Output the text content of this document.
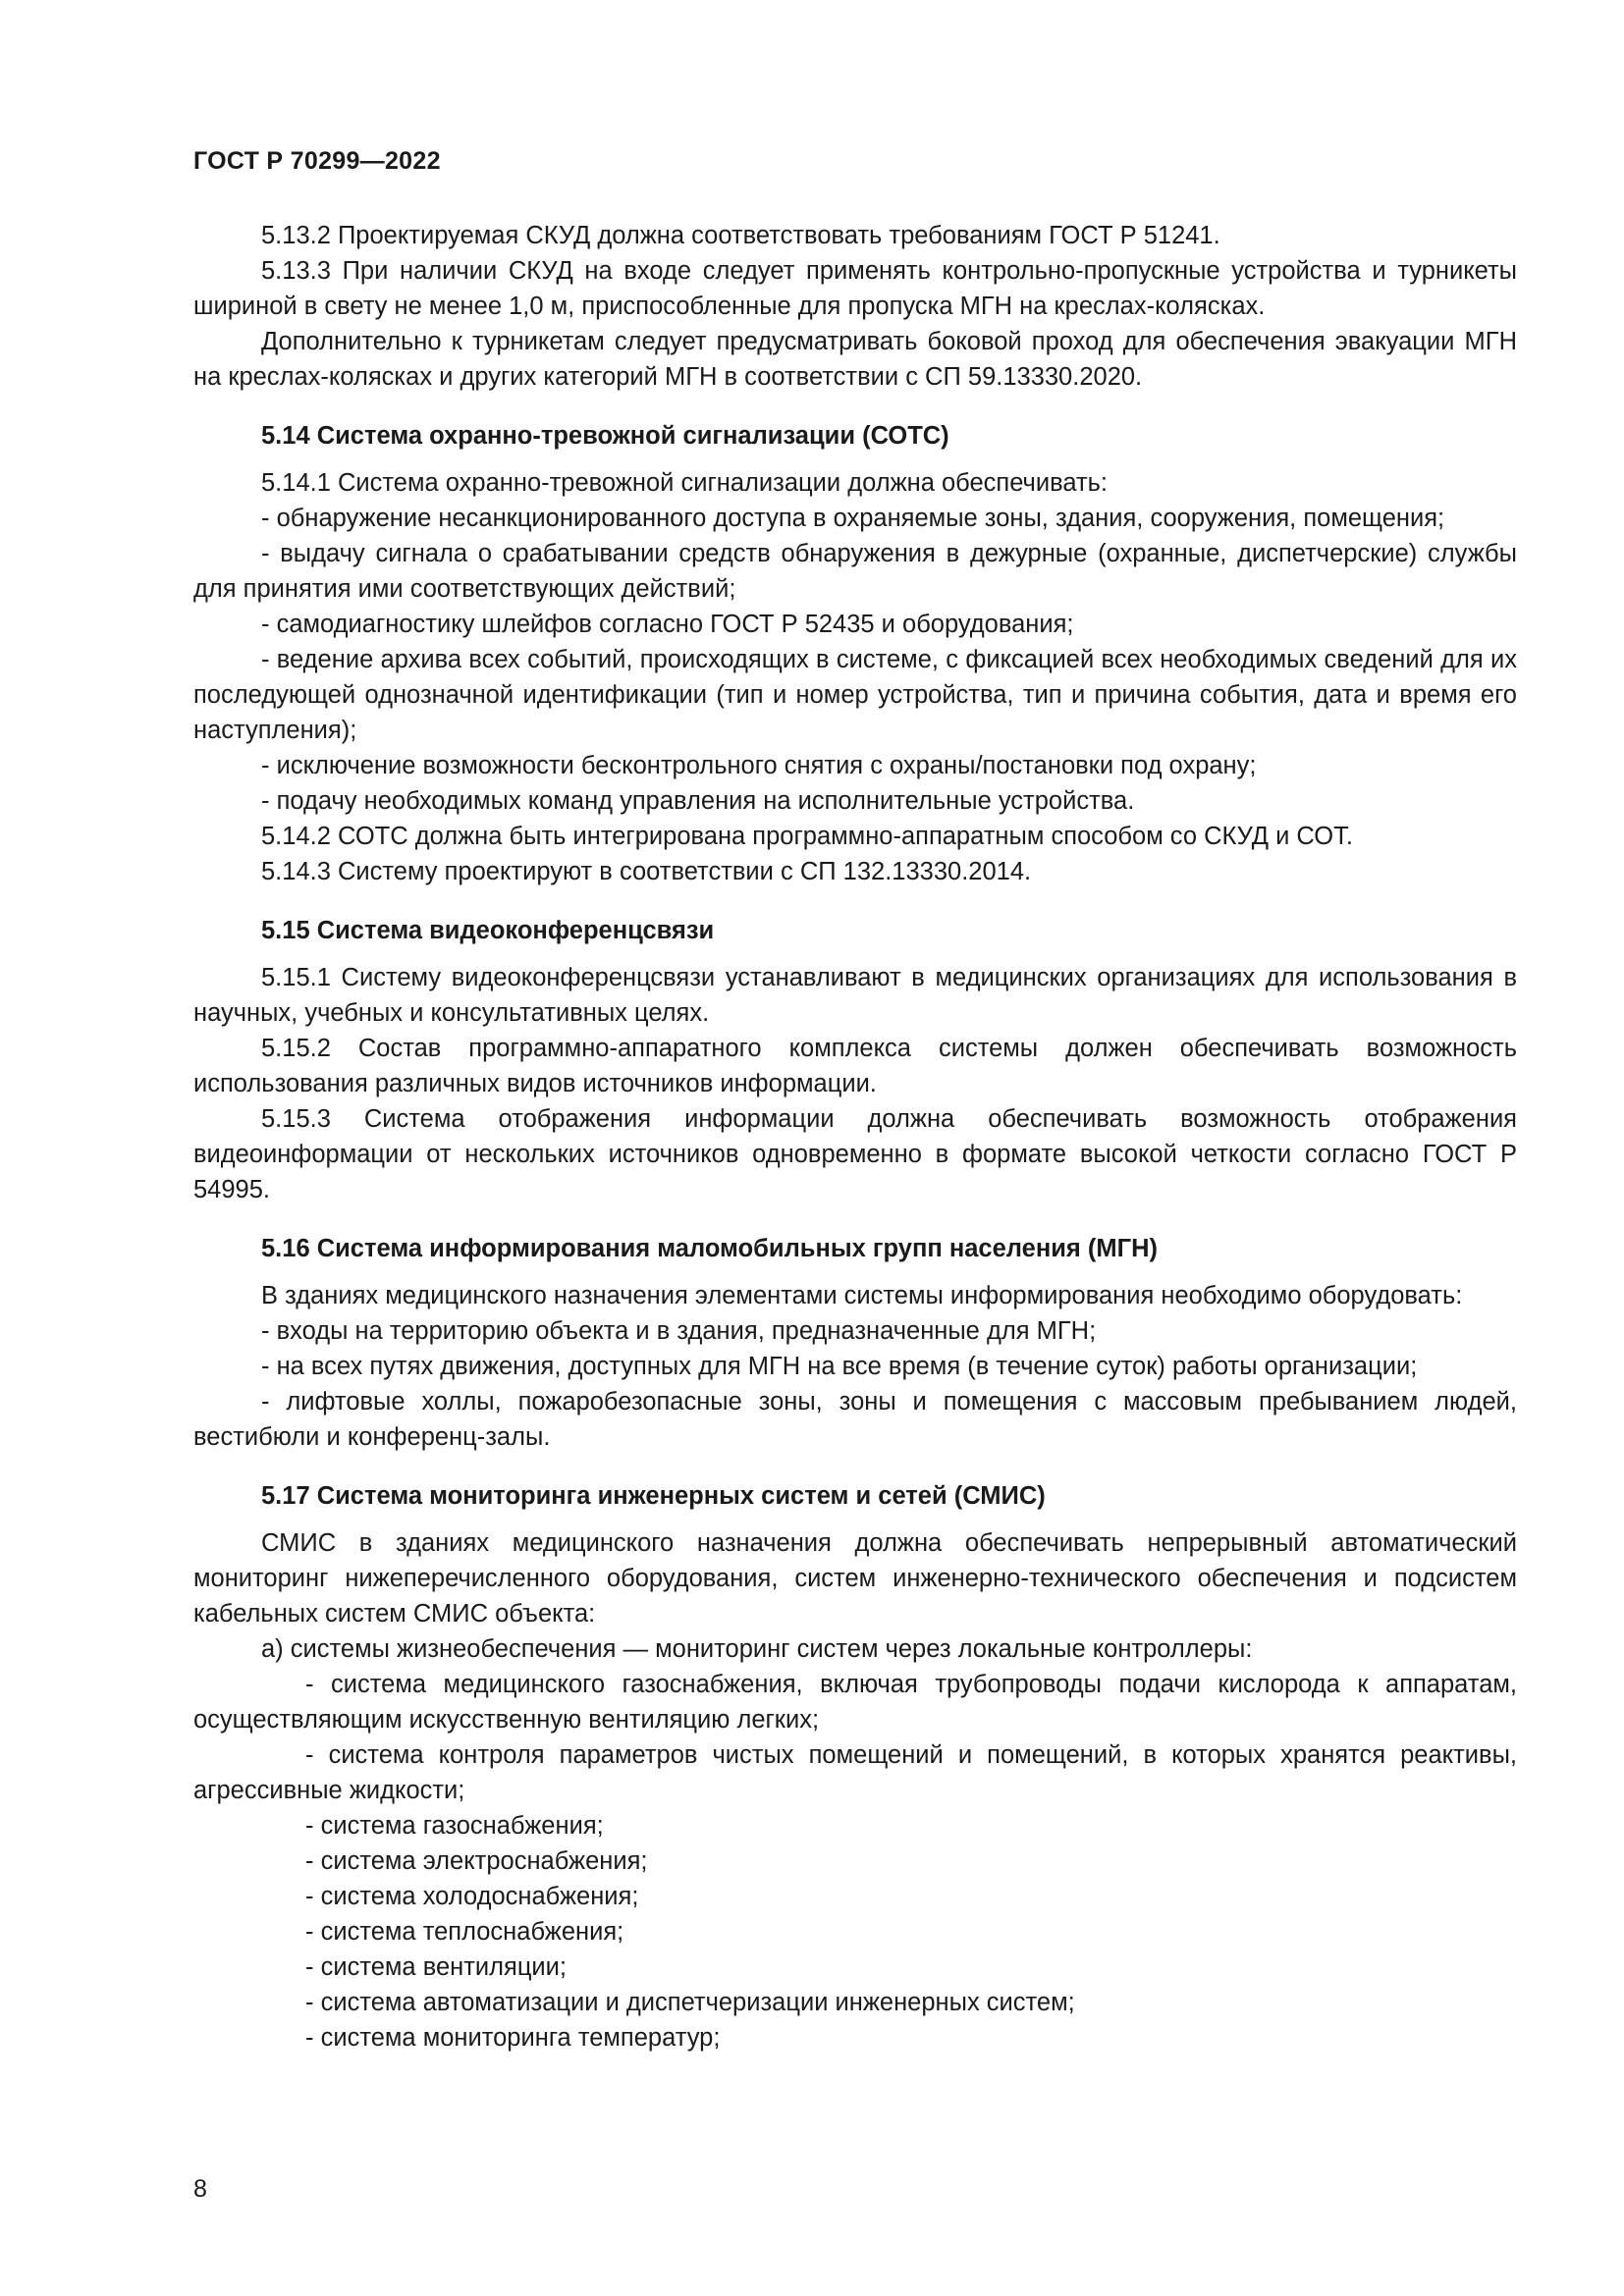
ГОСТ Р 70299—2022

5.13.2 Проектируемая СКУД должна соответствовать требованиям ГОСТ Р 51241.

5.13.3 При наличии СКУД на входе следует применять контрольно-пропускные устройства и турникеты шириной в свету не менее 1,0 м, приспособленные для пропуска МГН на креслах-колясках.

Дополнительно к турникетам следует предусматривать боковой проход для обеспечения эвакуации МГН на креслах-колясках и других категорий МГН в соответствии с СП 59.13330.2020.

5.14 Система охранно-тревожной сигнализации (СОТС)

5.14.1 Система охранно-тревожной сигнализации должна обеспечивать:

- обнаружение несанкционированного доступа в охраняемые зоны, здания, сооружения, помещения;

- выдачу сигнала о срабатывании средств обнаружения в дежурные (охранные, диспетчерские) службы для принятия ими соответствующих действий;

- самодиагностику шлейфов согласно ГОСТ Р 52435 и оборудования;

- ведение архива всех событий, происходящих в системе, с фиксацией всех необходимых сведений для их последующей однозначной идентификации (тип и номер устройства, тип и причина события, дата и время его наступления);

- исключение возможности бесконтрольного снятия с охраны/постановки под охрану;

- подачу необходимых команд управления на исполнительные устройства.

5.14.2 СОТС должна быть интегрирована программно-аппаратным способом со СКУД и СОТ.

5.14.3 Систему проектируют в соответствии с СП 132.13330.2014.

5.15 Система видеоконференцсвязи

5.15.1 Систему видеоконференцсвязи устанавливают в медицинских организациях для использования в научных, учебных и консультативных целях.

5.15.2 Состав программно-аппаратного комплекса системы должен обеспечивать возможность использования различных видов источников информации.

5.15.3 Система отображения информации должна обеспечивать возможность отображения видеоинформации от нескольких источников одновременно в формате высокой четкости согласно ГОСТ Р 54995.

5.16 Система информирования маломобильных групп населения (МГН)

В зданиях медицинского назначения элементами системы информирования необходимо оборудовать:

- входы на территорию объекта и в здания, предназначенные для МГН;

- на всех путях движения, доступных для МГН на все время (в течение суток) работы организации;

- лифтовые холлы, пожаробезопасные зоны, зоны и помещения с массовым пребыванием людей, вестибюли и конференц-залы.

5.17 Система мониторинга инженерных систем и сетей (СМИС)

СМИС в зданиях медицинского назначения должна обеспечивать непрерывный автоматический мониторинг нижеперечисленного оборудования, систем инженерно-технического обеспечения и подсистем кабельных систем СМИС объекта:

а) системы жизнеобеспечения — мониторинг систем через локальные контроллеры:

- система медицинского газоснабжения, включая трубопроводы подачи кислорода к аппаратам, осуществляющим искусственную вентиляцию легких;

- система контроля параметров чистых помещений и помещений, в которых хранятся реактивы, агрессивные жидкости;

- система газоснабжения;

- система электроснабжения;

- система холодоснабжения;

- система теплоснабжения;

- система вентиляции;

- система автоматизации и диспетчеризации инженерных систем;

- система мониторинга температур;

8
